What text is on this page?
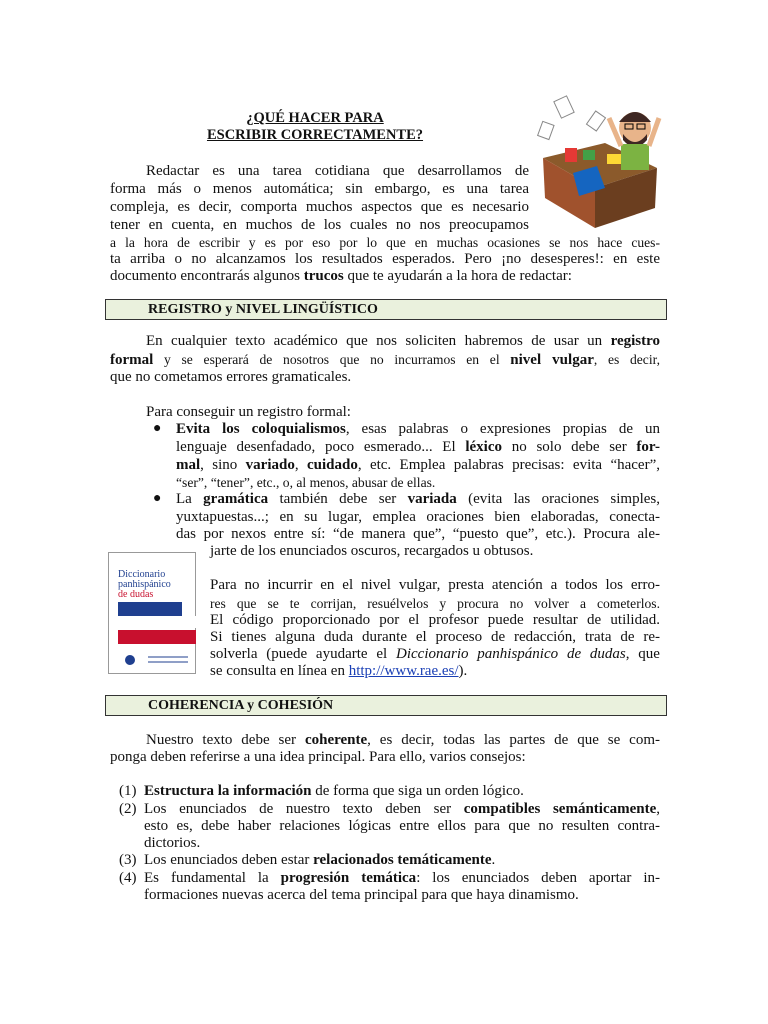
¿QUÉ HACER PARA
ESCRIBIR CORRECTAMENTE?
Redactar es una tarea cotidiana que desarrollamos de
forma más o menos automática; sin embargo, es una tarea
compleja, es decir, comporta muchos aspectos que es necesario
tener en cuenta, en muchos de los cuales no nos preocupamos
a la hora de escribir y es por eso por lo que en muchas ocasiones se nos hace cues-
ta arriba o no alcanzamos los resultados esperados. Pero ¡no desesperes!: en este
documento encontrarás algunos trucos que te ayudarán a la hora de redactar:
REGISTRO y NIVEL LINGÜÍSTICO
En cualquier texto académico que nos soliciten habremos de usar un registro
formal y se esperará de nosotros que no incurramos en el nivel vulgar, es decir,
que no cometamos errores gramaticales.
Para conseguir un registro formal:
● Evita los coloquialismos, esas palabras o expresiones propias de un
lenguaje desenfadado, poco esmerado... El léxico no solo debe ser for-
mal, sino variado, cuidado, etc. Emplea palabras precisas: evita “hacer”,
“ser”, “tener”, etc., o, al menos, abusar de ellas.
● La gramática también debe ser variada (evita las oraciones simples,
yuxtapuestas...; en su lugar, emplea oraciones bien elaboradas, conecta-
das por nexos entre sí: “de manera que”, “puesto que”, etc.). Procura ale-
jarte de los enunciados oscuros, recargados u obtusos.
Diccionario
panhispánico
de dudas
Para no incurrir en el nivel vulgar, presta atención a todos los erro-
res que se te corrijan, resuélvelos y procura no volver a cometerlos.
El código proporcionado por el profesor puede resultar de utilidad.
Si tienes alguna duda durante el proceso de redacción, trata de re-
solverla (puede ayudarte el Diccionario panhispánico de dudas, que
se consulta en línea en http://www.rae.es/).
COHERENCIA y COHESIÓN
Nuestro texto debe ser coherente, es decir, todas las partes de que se com-
ponga deben referirse a una idea principal. Para ello, varios consejos:
(1) Estructura la información de forma que siga un orden lógico.
(2) Los enunciados de nuestro texto deben ser compatibles semánticamente,
esto es, debe haber relaciones lógicas entre ellos para que no resulten contra-
dictorios.
(3) Los enunciados deben estar relacionados temáticamente.
(4) Es fundamental la progresión temática: los enunciados deben aportar in-
formaciones nuevas acerca del tema principal para que haya dinamismo.
